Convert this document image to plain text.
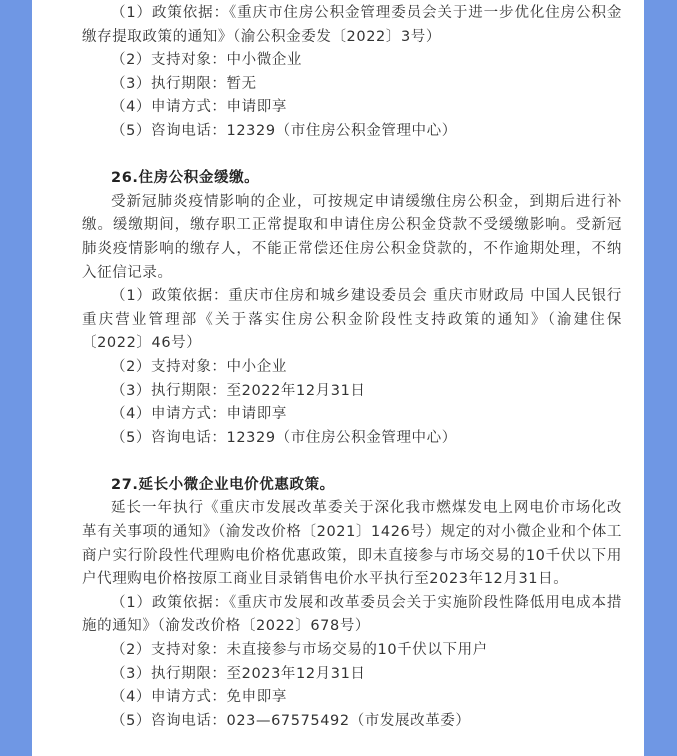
（1）政策依据：《重庆市住房公积金管理委员会关于进一步优化住房公积金缴存提取政策的通知》（渝公积金委发〔2022〕3号）

（2）支持对象：中小微企业

（3）执行期限：暂无

（4）申请方式：申请即享

（5）咨询电话：12329（市住房公积金管理中心）

26.住房公积金缓缴。

受新冠肺炎疫情影响的企业，可按规定申请缓缴住房公积金，到期后进行补缴。缓缴期间，缴存职工正常提取和申请住房公积金贷款不受缓缴影响。受新冠肺炎疫情影响的缴存人，不能正常偿还住房公积金贷款的，不作逾期处理，不纳入征信记录。

（1）政策依据：重庆市住房和城乡建设委员会 重庆市财政局 中国人民银行重庆营业管理部《关于落实住房公积金阶段性支持政策的通知》（渝建住保〔2022〕46号）

（2）支持对象：中小企业

（3）执行期限：至2022年12月31日

（4）申请方式：申请即享

（5）咨询电话：12329（市住房公积金管理中心）

27.延长小微企业电价优惠政策。

延长一年执行《重庆市发展改革委关于深化我市燃煤发电上网电价市场化改革有关事项的通知》（渝发改价格〔2021〕1426号）规定的对小微企业和个体工商户实行阶段性代理购电价格优惠政策，即未直接参与市场交易的10千伏以下用户代理购电价格按原工商业目录销售电价水平执行至2023年12月31日。

（1）政策依据：《重庆市发展和改革委员会关于实施阶段性降低用电成本措施的通知》（渝发改价格〔2022〕678号）

（2）支持对象：未直接参与市场交易的10千伏以下用户

（3）执行期限：至2023年12月31日

（4）申请方式：免申即享

（5）咨询电话：023—67575492（市发展改革委）
